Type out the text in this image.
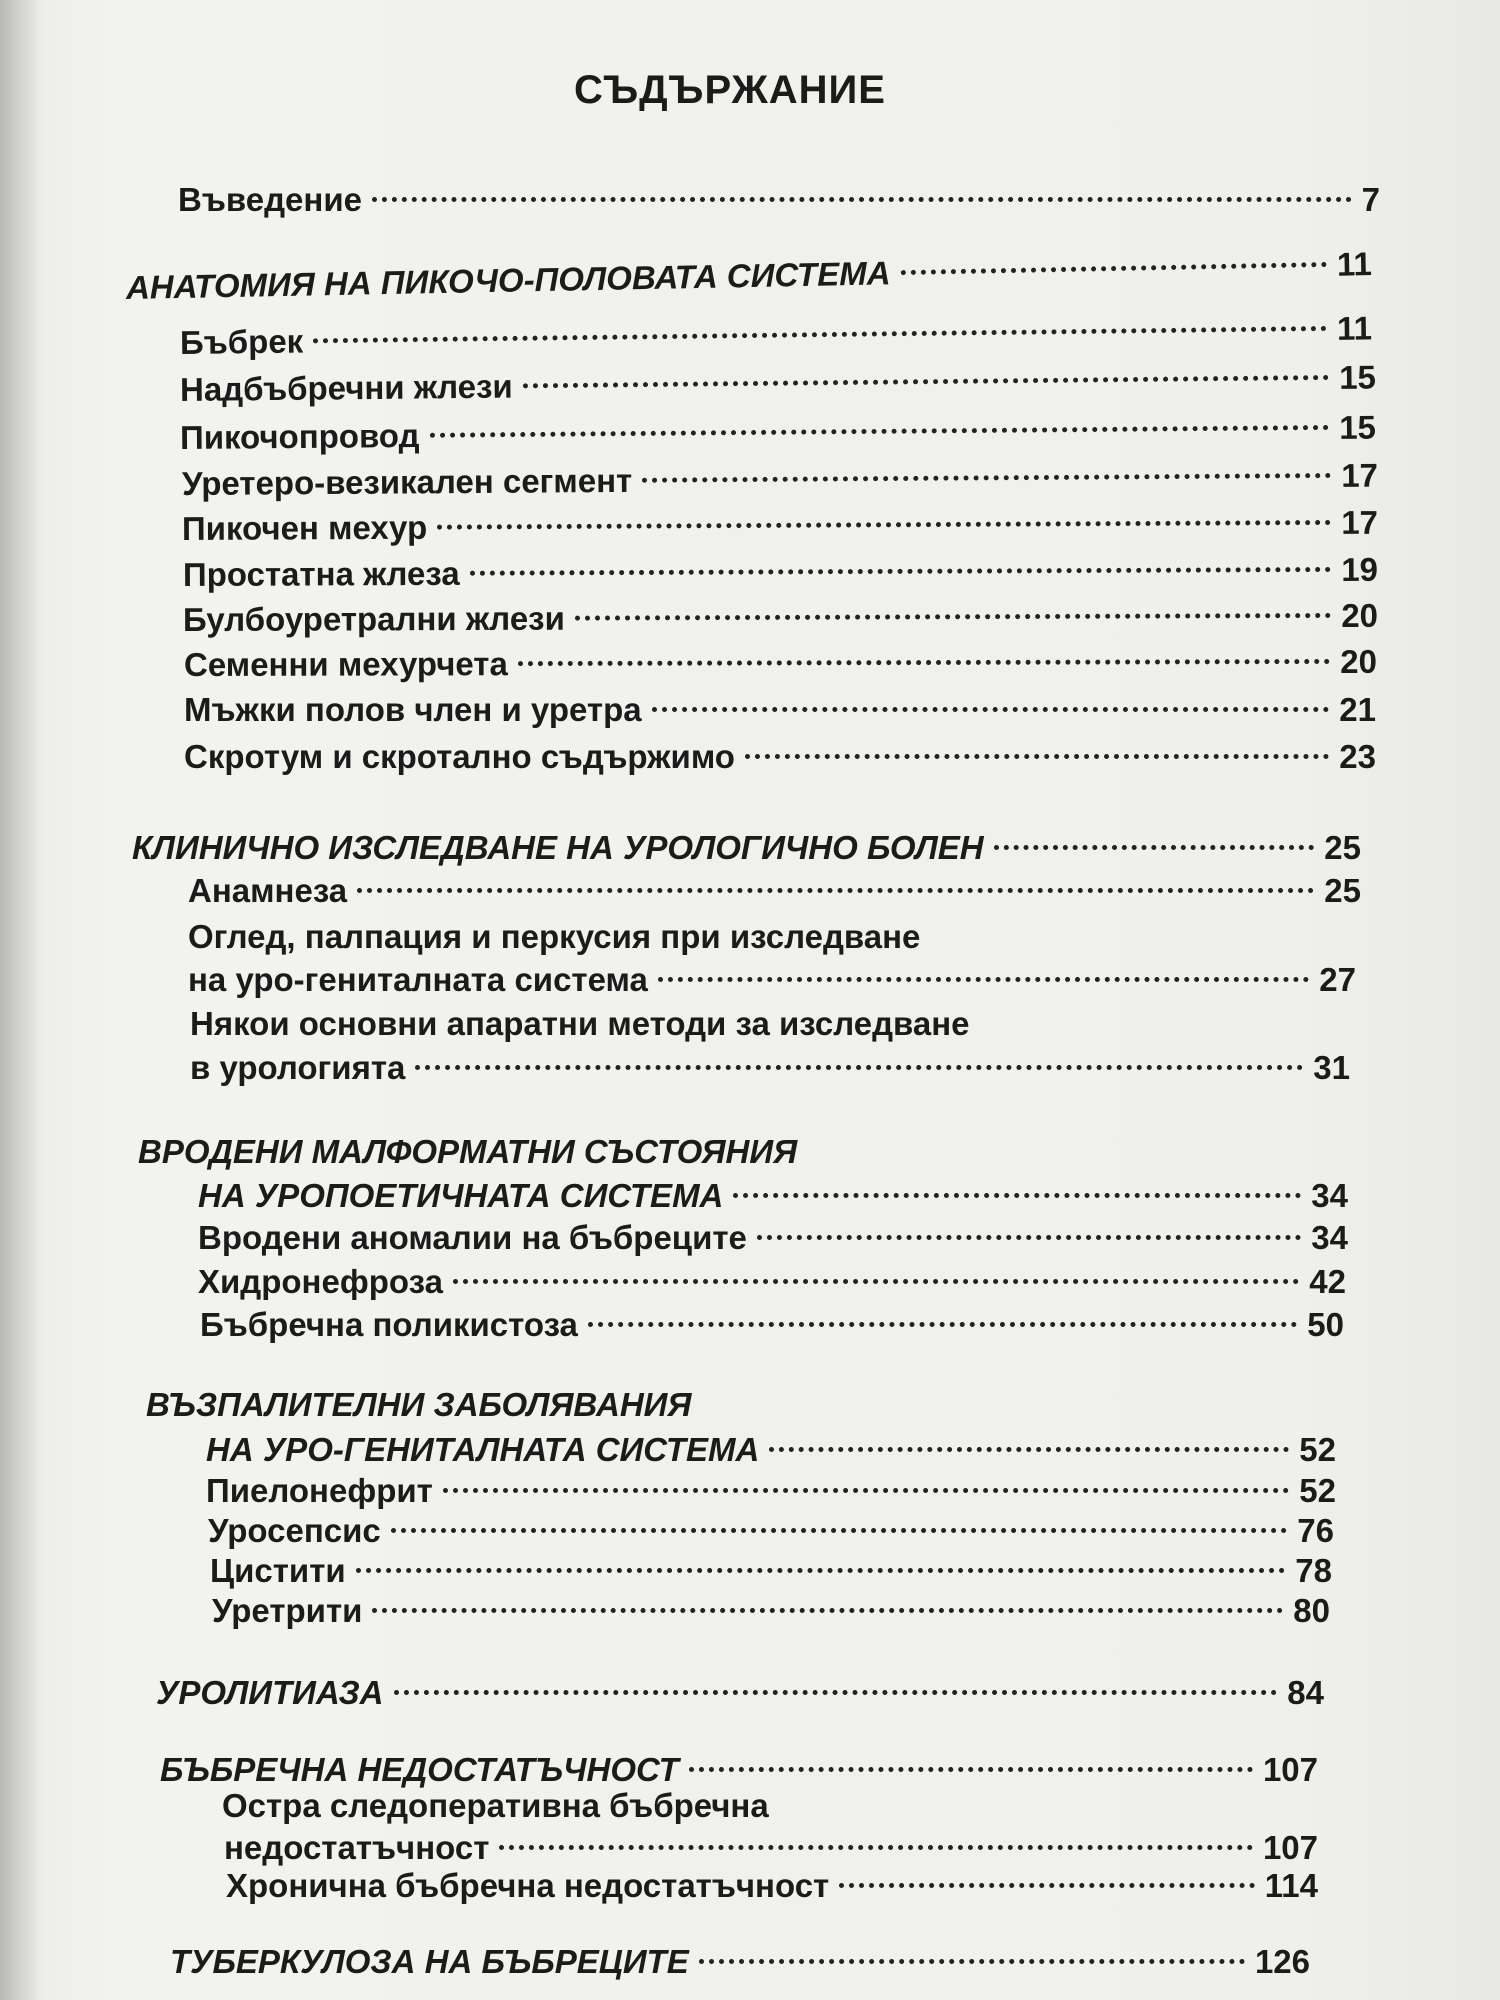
СЪДЪРЖАНИЕ
Въведение	7
АНАТОМИЯ НА ПИКОЧО-ПОЛОВАТА СИСТЕМА	11
Бъбрек	11
Надбъбречни жлези	15
Пикочопровод	15
Уретеро-везикален сегмент	17
Пикочен мехур	17
Простатна жлеза	19
Булбоуретрални жлези	20
Семенни мехурчета	20
Мъжки полов член и уретра	21
Скротум и скротално съдържимо	23
КЛИНИЧНО ИЗСЛЕДВАНЕ НА УРОЛОГИЧНО БОЛЕН	25
Анамнеза	25
Оглед, палпация и перкусия при изследване
на уро-гениталната система	27
Някои основни апаратни методи за изследване
в урологията	31
ВРОДЕНИ МАЛФОРМАТНИ СЪСТОЯНИЯ
НА УРОПОЕТИЧНАТА СИСТЕМА	34
Вродени аномалии на бъбреците	34
Хидронефроза	42
Бъбречна поликистоза	50
ВЪЗПАЛИТЕЛНИ ЗАБОЛЯВАНИЯ
НА УРО-ГЕНИТАЛНАТА СИСТЕМА	52
Пиелонефрит	52
Уросепсис	76
Цистити	78
Уретрити	80
УРОЛИТИАЗА	84
БЪБРЕЧНА НЕДОСТАТЪЧНОСТ	107
Остра следоперативна бъбречна
недостатъчност	107
Хронична бъбречна недостатъчност	114
ТУБЕРКУЛОЗА НА БЪБРЕЦИТЕ	126
